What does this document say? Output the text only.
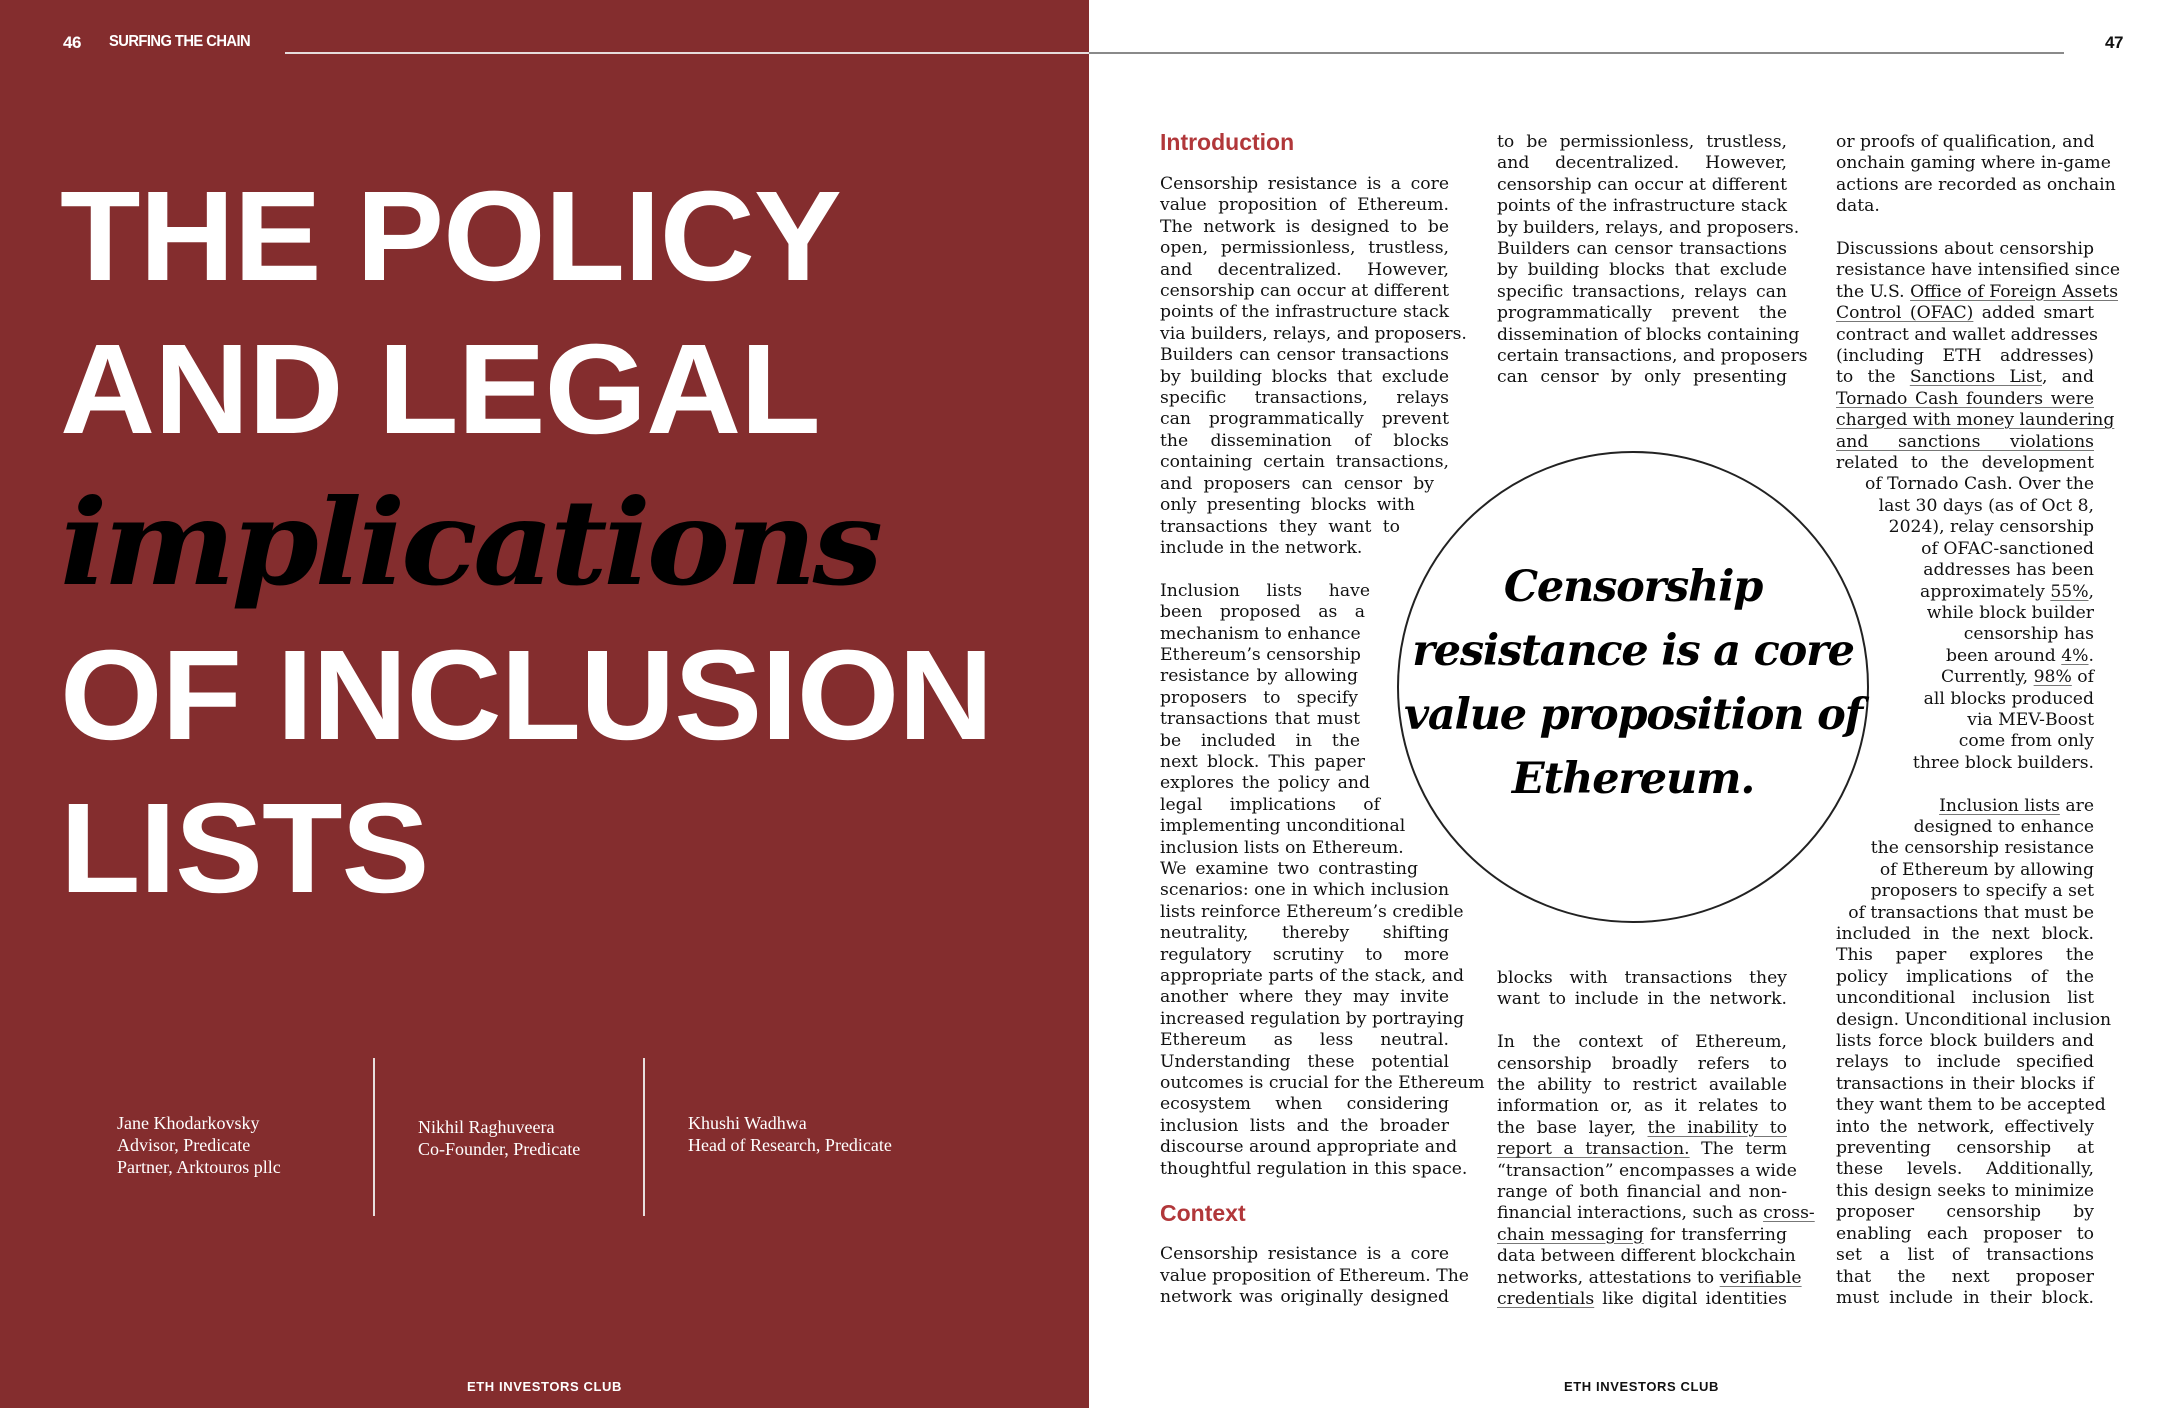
46 SURFING THE CHAIN
THE POLICY
AND LEGAL
implications
OF INCLUSION
LISTS
Jane Khodarkovsky
Advisor, Predicate
Partner, Arktouros pllc
Nikhil Raghuveera
Co-Founder, Predicate
Khushi Wadhwa
Head of Research, Predicate
ETH INVESTORS CLUB
47
Introduction

Censorship resistance is a core
value proposition of Ethereum.
The network is designed to be
open, permissionless, trustless,
and decentralized. However,
censorship can occur at different
points of the infrastructure stack
via builders, relays, and proposers.
Builders can censor transactions
by building blocks that exclude
specific transactions, relays
can programmatically prevent
the dissemination of blocks
containing certain transactions,
and proposers can censor by
only presenting blocks with
transactions they want to
include in the network.

Inclusion lists have
been proposed as a
mechanism to enhance
Ethereum’s censorship
resistance by allowing
proposers to specify
transactions that must
be included in the
next block. This paper
explores the policy and
legal implications of
implementing unconditional
inclusion lists on Ethereum.
We examine two contrasting
scenarios: one in which inclusion
lists reinforce Ethereum’s credible
neutrality, thereby shifting
regulatory scrutiny to more
appropriate parts of the stack, and
another where they may invite
increased regulation by portraying
Ethereum as less neutral.
Understanding these potential
outcomes is crucial for the Ethereum
ecosystem when considering
inclusion lists and the broader
discourse around appropriate and
thoughtful regulation in this space.

Context

Censorship resistance is a core
value proposition of Ethereum. The
network was originally designed

to be permissionless, trustless,
and decentralized. However,
censorship can occur at different
points of the infrastructure stack
by builders, relays, and proposers.
Builders can censor transactions
by building blocks that exclude
specific transactions, relays can
programmatically prevent the
dissemination of blocks containing
certain transactions, and proposers
can censor by only presenting

blocks with transactions they
want to include in the network.

In the context of Ethereum,
censorship broadly refers to
the ability to restrict available
information or, as it relates to
the base layer, the inability to
report a transaction. The term
“transaction” encompasses a wide
range of both financial and non-
financial interactions, such as cross-
chain messaging for transferring
data between different blockchain
networks, attestations to verifiable
credentials like digital identities

or proofs of qualification, and
onchain gaming where in-game
actions are recorded as onchain
data.

Discussions about censorship
resistance have intensified since
the U.S. Office of Foreign Assets
Control (OFAC) added smart
contract and wallet addresses
(including ETH addresses)
to the Sanctions List, and
Tornado Cash founders were
charged with money laundering
and sanctions violations
related to the development
of Tornado Cash. Over the
last 30 days (as of Oct 8,
2024), relay censorship
of OFAC-sanctioned
addresses has been
approximately 55%,
while block builder
censorship has
been around 4%.
Currently, 98% of
all blocks produced
via MEV-Boost
come from only
three block builders.

Inclusion lists are
designed to enhance
the censorship resistance
of Ethereum by allowing
proposers to specify a set
of transactions that must be
included in the next block.
This paper explores the
policy implications of the
unconditional inclusion list
design. Unconditional inclusion
lists force block builders and
relays to include specified
transactions in their blocks if
they want them to be accepted
into the network, effectively
preventing censorship at
these levels. Additionally,
this design seeks to minimize
proposer censorship by
enabling each proposer to
set a list of transactions
that the next proposer
must include in their block.

Censorship
resistance is a core
value proposition of
Ethereum.
ETH INVESTORS CLUB
